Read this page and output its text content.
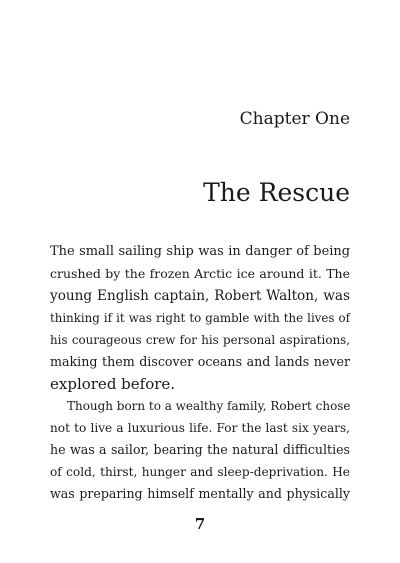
Chapter One
The Rescue
The small sailing ship was in danger of being
crushed by the frozen Arctic ice around it. The
young English captain, Robert Walton, was
thinking if it was right to gamble with the lives of
his courageous crew for his personal aspirations,
making them discover oceans and lands never
explored before.
Though born to a wealthy family, Robert chose
not to live a luxurious life. For the last six years,
he was a sailor, bearing the natural difficulties
of cold, thirst, hunger and sleep-deprivation. He
was preparing himself mentally and physically
7
